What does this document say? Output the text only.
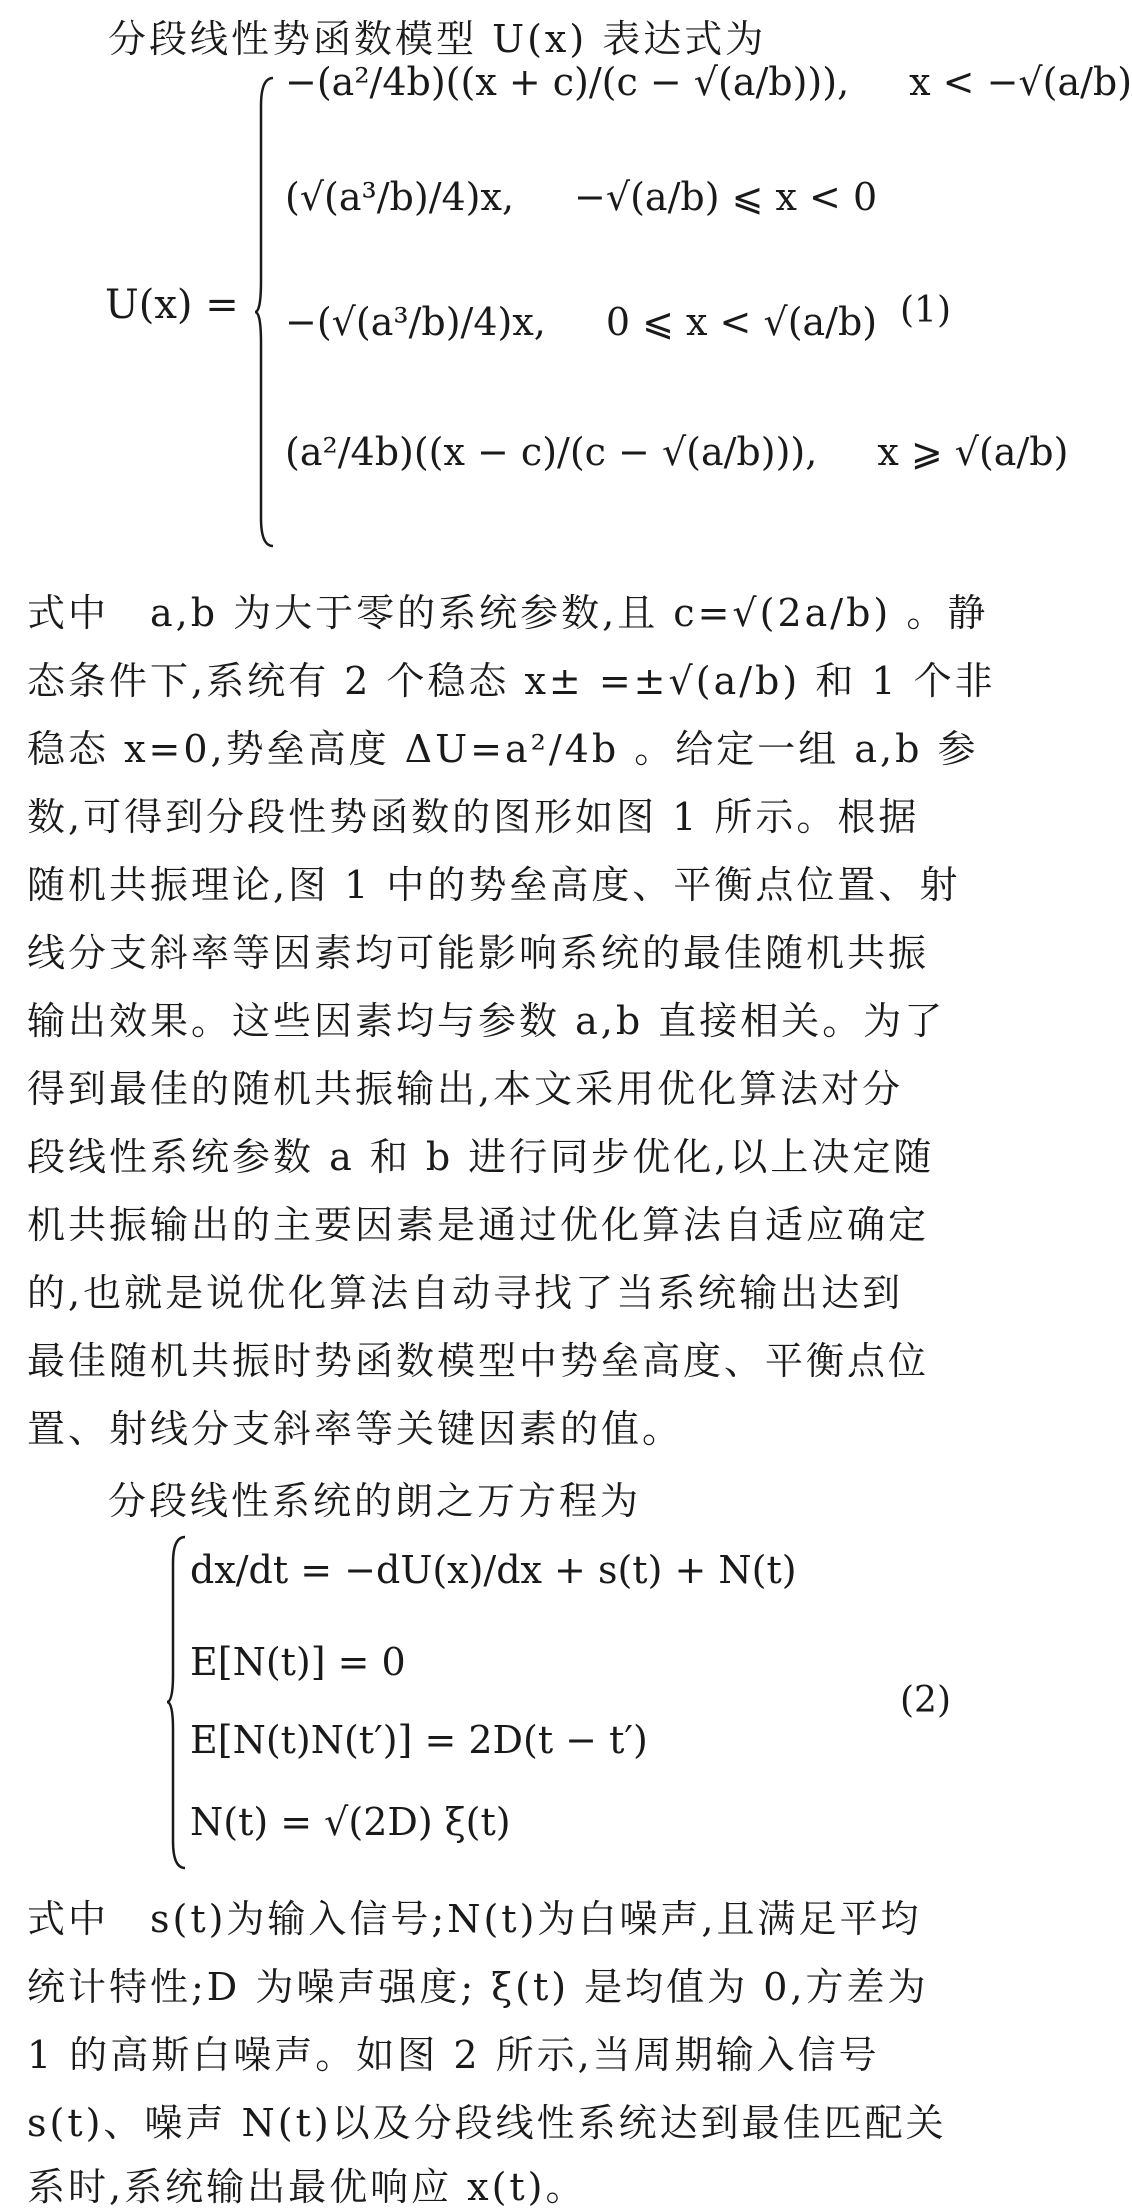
分段线性势函数模型 U(x) 表达式为
U(x) =
−(a²/4b)((x + c)/(c − √(a/b))), x < −√(a/b)
(√(a³/b)/4)x, −√(a/b) ⩽ x < 0
−(√(a³/b)/4)x, 0 ⩽ x < √(a/b)
(a²/4b)((x − c)/(c − √(a/b))), x ⩾ √(a/b)
(1)
式中　a,b 为大于零的系统参数,且 c=√(2a/b) 。静
态条件下,系统有 2 个稳态 x± =±√(a/b) 和 1 个非
稳态 x=0,势垒高度 ΔU=a²/4b 。给定一组 a,b 参
数,可得到分段性势函数的图形如图 1 所示。根据
随机共振理论,图 1 中的势垒高度、平衡点位置、射
线分支斜率等因素均可能影响系统的最佳随机共振
输出效果。这些因素均与参数 a,b 直接相关。为了
得到最佳的随机共振输出,本文采用优化算法对分
段线性系统参数 a 和 b 进行同步优化,以上决定随
机共振输出的主要因素是通过优化算法自适应确定
的,也就是说优化算法自动寻找了当系统输出达到
最佳随机共振时势函数模型中势垒高度、平衡点位
置、射线分支斜率等关键因素的值。
分段线性系统的朗之万方程为
dx/dt = −dU(x)/dx + s(t) + N(t)
E[N(t)] = 0
E[N(t)N(t′)] = 2D(t − t′)
N(t) = √(2D) ξ(t)
(2)
式中　s(t)为输入信号;N(t)为白噪声,且满足平均
统计特性;D 为噪声强度; ξ(t) 是均值为 0,方差为
1 的高斯白噪声。如图 2 所示,当周期输入信号
s(t)、噪声 N(t)以及分段线性系统达到最佳匹配关
系时,系统输出最优响应 x(t)。
